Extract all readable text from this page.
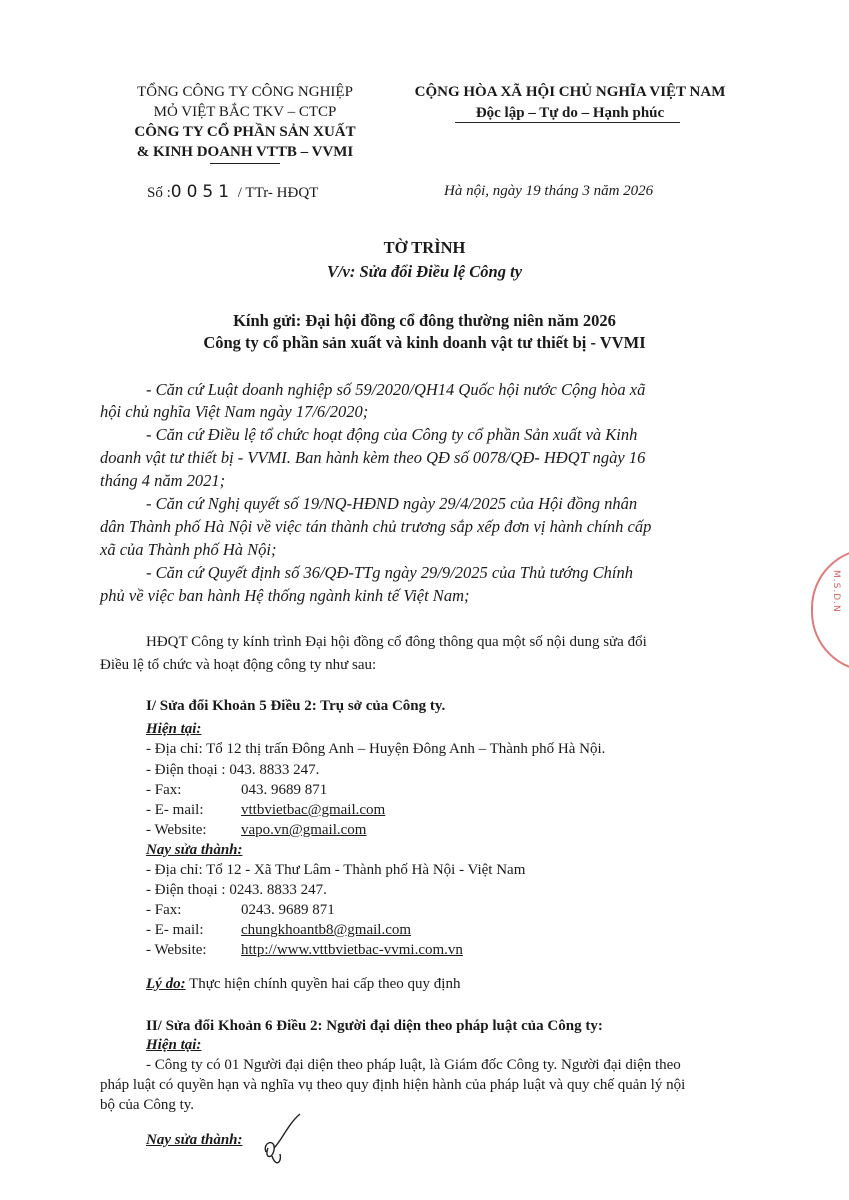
TỔNG CÔNG TY CÔNG NGHIỆP
MỎ VIỆT BẮC TKV – CTCP
CÔNG TY CỔ PHẦN SẢN XUẤT
& KINH DOANH VTTB – VVMI
CỘNG HÒA XÃ HỘI CHỦ NGHĨA VIỆT NAM
Độc lập – Tự do – Hạnh phúc
Số :0051 / TTr- HĐQT	Hà nội, ngày 19 tháng 3 năm 2026
TỜ TRÌNH
V/v: Sửa đổi Điều lệ Công ty
Kính gửi: Đại hội đồng cổ đông thường niên năm 2026
Công ty cổ phần sản xuất và kinh doanh vật tư thiết bị - VVMI
- Căn cứ Luật doanh nghiệp số 59/2020/QH14 Quốc hội nước Cộng hòa xã
hội chủ nghĩa Việt Nam ngày 17/6/2020;
- Căn cứ Điều lệ tổ chức hoạt động của Công ty cổ phần Sản xuất và Kinh
doanh vật tư thiết bị - VVMI. Ban hành kèm theo QĐ số 0078/QĐ- HĐQT ngày 16
tháng 4 năm 2021;
- Căn cứ Nghị quyết số 19/NQ-HĐND ngày 29/4/2025 của Hội đồng nhân
dân Thành phố Hà Nội về việc tán thành chủ trương sắp xếp đơn vị hành chính cấp
xã của Thành phố Hà Nội;
- Căn cứ Quyết định số 36/QĐ-TTg ngày 29/9/2025 của Thủ tướng Chính
phủ về việc ban hành Hệ thống ngành kinh tế Việt Nam;
HĐQT Công ty kính trình Đại hội đồng cổ đông thông qua một số nội dung sửa đổi
Điều lệ tổ chức và hoạt động công ty như sau:
I/ Sửa đổi Khoản 5 Điều 2: Trụ sở của Công ty.
Hiện tại:
- Địa chỉ: Tổ 12 thị trấn Đông Anh – Huyện Đông Anh – Thành phố Hà Nội.
- Điện thoại : 043. 8833 247.
- Fax:	043. 9689 871
- E- mail:	vttbvietbac@gmail.com
- Website: vapo.vn@gmail.com
Nay sửa thành:
- Địa chỉ: Tổ 12 - Xã Thư Lâm - Thành phố Hà Nội - Việt Nam
- Điện thoại : 0243. 8833 247.
- Fax:	0243. 9689 871
- E- mail:	chungkhoantb8@gmail.com
- Website: http://www.vttbvietbac-vvmi.com.vn
Lý do: Thực hiện chính quyền hai cấp theo quy định
II/ Sửa đổi Khoản 6 Điều 2: Người đại diện theo pháp luật của Công ty:
Hiện tại:
- Công ty có 01 Người đại diện theo pháp luật, là Giám đốc Công ty. Người đại diện theo
pháp luật có quyền hạn và nghĩa vụ theo quy định hiện hành của pháp luật và quy chế quản lý nội
bộ của Công ty.
Nay sửa thành:
M.S.D.N
